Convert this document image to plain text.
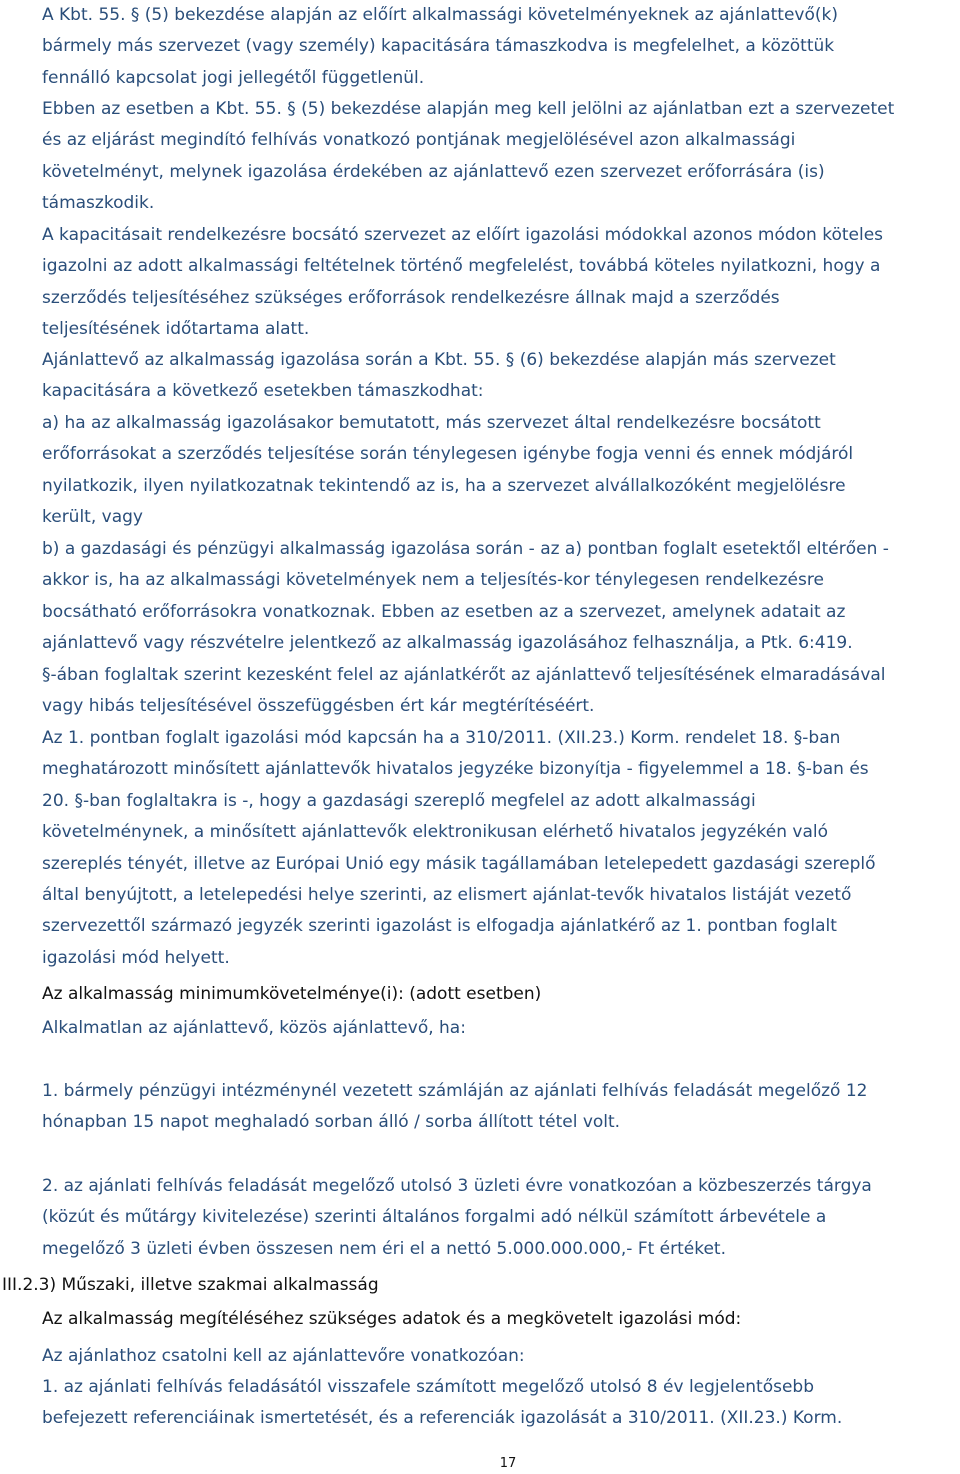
A Kbt. 55. § (5) bekezdése alapján az előírt alkalmassági követelményeknek az ajánlattevő(k)
bármely más szervezet (vagy személy) kapacitására támaszkodva is megfelelhet, a közöttük
fennálló kapcsolat jogi jellegétől függetlenül.
Ebben az esetben a Kbt. 55. § (5) bekezdése alapján meg kell jelölni az ajánlatban ezt a szervezetet
és az eljárást megindító felhívás vonatkozó pontjának megjelölésével azon alkalmassági
követelményt, melynek igazolása érdekében az ajánlattevő ezen szervezet erőforrására (is)
támaszkodik.
A kapacitásait rendelkezésre bocsátó szervezet az előírt igazolási módokkal azonos módon köteles
igazolni az adott alkalmassági feltételnek történő megfelelést, továbbá köteles nyilatkozni, hogy a
szerződés teljesítéséhez szükséges erőforrások rendelkezésre állnak majd a szerződés
teljesítésének időtartama alatt.
Ajánlattevő az alkalmasság igazolása során a Kbt. 55. § (6) bekezdése alapján más szervezet
kapacitására a következő esetekben támaszkodhat:
a) ha az alkalmasság igazolásakor bemutatott, más szervezet által rendelkezésre bocsátott
erőforrásokat a szerződés teljesítése során ténylegesen igénybe fogja venni és ennek módjáról
nyilatkozik, ilyen nyilatkozatnak tekintendő az is, ha a szervezet alvállalkozóként megjelölésre
került, vagy
b) a gazdasági és pénzügyi alkalmasság igazolása során - az a) pontban foglalt esetektől eltérően -
akkor is, ha az alkalmassági követelmények nem a teljesítés-kor ténylegesen rendelkezésre
bocsátható erőforrásokra vonatkoznak. Ebben az esetben az a szervezet, amelynek adatait az
ajánlattevő vagy részvételre jelentkező az alkalmasság igazolásához felhasználja, a Ptk. 6:419.
§-ában foglaltak szerint kezesként felel az ajánlatkérőt az ajánlattevő teljesítésének elmaradásával
vagy hibás teljesítésével összefüggésben ért kár megtérítéséért.
Az 1. pontban foglalt igazolási mód kapcsán ha a 310/2011. (XII.23.) Korm. rendelet 18. §-ban
meghatározott minősített ajánlattevők hivatalos jegyzéke bizonyítja - figyelemmel a 18. §-ban és
20. §-ban foglaltakra is -, hogy a gazdasági szereplő megfelel az adott alkalmassági
követelménynek, a minősített ajánlattevők elektronikusan elérhető hivatalos jegyzékén való
szereplés tényét, illetve az Európai Unió egy másik tagállamában letelepedett gazdasági szereplő
által benyújtott, a letelepedési helye szerinti, az elismert ajánlat-tevők hivatalos listáját vezető
szervezettől származó jegyzék szerinti igazolást is elfogadja ajánlatkérő az 1. pontban foglalt
igazolási mód helyett.
Az alkalmasság minimumkövetelménye(i): (adott esetben)
Alkalmatlan az ajánlattevő, közös ajánlattevő, ha:
1. bármely pénzügyi intézménynél vezetett számláján az ajánlati felhívás feladását megelőző 12
hónapban 15 napot meghaladó sorban álló / sorba állított tétel volt.
2. az ajánlati felhívás feladását megelőző utolsó 3 üzleti évre vonatkozóan a közbeszerzés tárgya
(közút és műtárgy kivitelezése) szerinti általános forgalmi adó nélkül számított árbevétele a
megelőző 3 üzleti évben összesen nem éri el a nettó 5.000.000.000,- Ft értéket.
III.2.3) Műszaki, illetve szakmai alkalmasság
Az alkalmasság megítéléséhez szükséges adatok és a megkövetelt igazolási mód:
Az ajánlathoz csatolni kell az ajánlattevőre vonatkozóan:
1. az ajánlati felhívás feladásától visszafele számított megelőző utolsó 8 év legjelentősebb
befejezett referenciáinak ismertetését, és a referenciák igazolását a 310/2011. (XII.23.) Korm.
17
